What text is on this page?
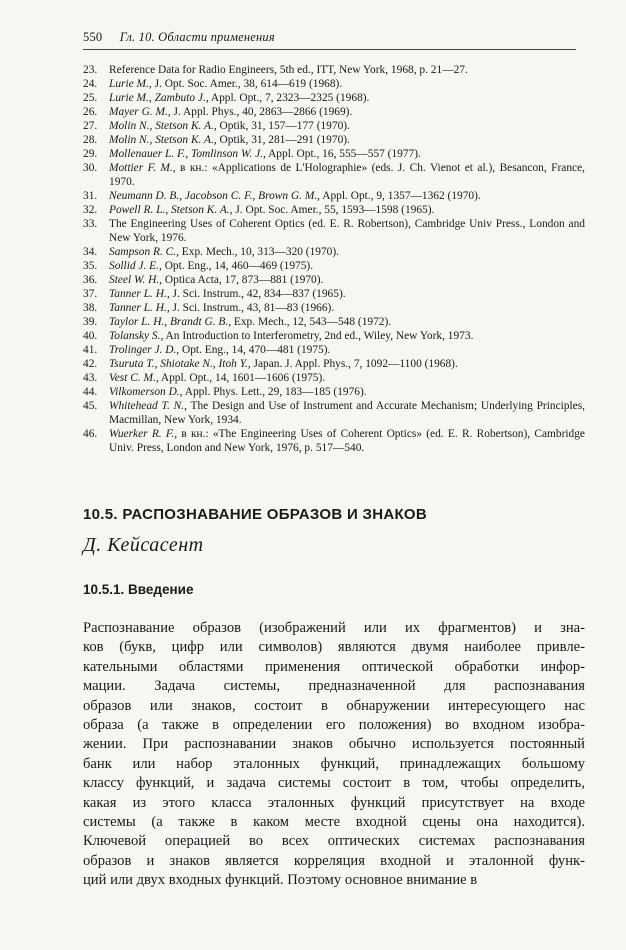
550 Гл. 10. Области применения
23.	Reference Data for Radio Engineers, 5th ed., ITT, New York, 1968, p. 21—27.
24.	Lurie M., J. Opt. Soc. Amer., 38, 614—619 (1968).
25.	Lurie M., Zambuto J., Appl. Opt., 7, 2323—2325 (1968).
26.	Mayer G. M., J. Appl. Phys., 40, 2863—2866 (1969).
27.	Molin N., Stetson K. A., Optik, 31, 157—177 (1970).
28.	Molin N., Stetson K. A., Optik, 31, 281—291 (1970).
29.	Mollenauer L. F., Tomlinson W. J., Appl. Opt., 16, 555—557 (1977).
30.	Mottier F. M., в кн.: «Applications de L'Holographie» (eds. J. Ch. Vienot et al.), Besancon, France, 1970.
31.	Neumann D. B., Jacobson C. F., Brown G. M., Appl. Opt., 9, 1357—1362 (1970).
32.	Powell R. L., Stetson K. A., J. Opt. Soc. Amer., 55, 1593—1598 (1965).
33.	The Engineering Uses of Coherent Optics (ed. E. R. Robertson), Cambridge Univ Press., London and New York, 1976.
34.	Sampson R. C., Exp. Mech., 10, 313—320 (1970).
35.	Sollid J. E., Opt. Eng., 14, 460—469 (1975).
36.	Steel W. H., Optica Acta, 17, 873—881 (1970).
37.	Tanner L. H., J. Sci. Instrum., 42, 834—837 (1965).
38.	Tanner L. H., J. Sci. Instrum., 43, 81—83 (1966).
39.	Taylor L. H., Brandt G. B., Exp. Mech., 12, 543—548 (1972).
40.	Tolansky S., An Introduction to Interferometry, 2nd ed., Wiley, New York, 1973.
41.	Trolinger J. D., Opt. Eng., 14, 470—481 (1975).
42.	Tsuruta T., Shiotake N., Itoh Y., Japan. J. Appl. Phys., 7, 1092—1100 (1968).
43.	Vest C. M., Appl. Opt., 14, 1601—1606 (1975).
44.	Vilkomerson D., Appl. Phys. Lett., 29, 183—185 (1976).
45.	Whitehead T. N., The Design and Use of Instrument and Accurate Mechanism; Underlying Principles, Macmillan, New York, 1934.
46.	Wuerker R. F., в кн.: «The Engineering Uses of Coherent Optics» (ed. E. R. Robertson), Cambridge Univ. Press, London and New York, 1976, p. 517—540.
10.5. РАСПОЗНАВАНИЕ ОБРАЗОВ И ЗНАКОВ
Д. Кейсасент
10.5.1. Введение

Распознавание образов (изображений или их фрагментов) и зна-
ков (букв, цифр или символов) являются двумя наиболее привле-
кательными областями применения оптической обработки инфор-
мации. Задача системы, предназначенной для распознавания
образов или знаков, состоит в обнаружении интересующего нас
образа (а также в определении его положения) во входном изобра-
жении. При распознавании знаков обычно используется постоянный
банк или набор эталонных функций, принадлежащих большому
классу функций, и задача системы состоит в том, чтобы определить,
какая из этого класса эталонных функций присутствует на входе
системы (а также в каком месте входной сцены она находится).
Ключевой операцией во всех оптических системах распознавания
образов и знаков является корреляция входной и эталонной функ-
ций или двух входных функций. Поэтому основное внимание в
